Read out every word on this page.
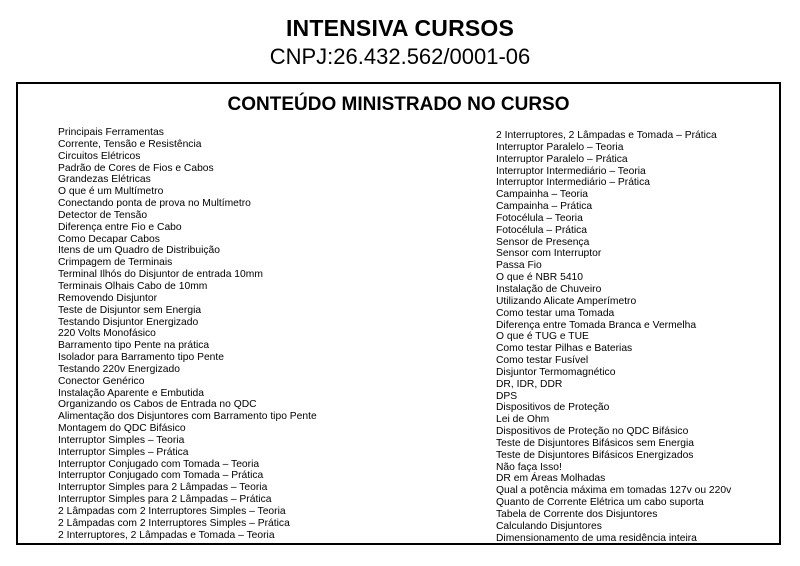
INTENSIVA CURSOS
CNPJ:26.432.562/0001-06
CONTEÚDO MINISTRADO NO CURSO
Principais Ferramentas
Corrente, Tensão e Resistência
Circuitos Elétricos
Padrão de Cores de Fios e Cabos
Grandezas Elétricas
O que é um Multímetro
Conectando ponta de prova no Multímetro
Detector de Tensão
Diferença entre Fio e Cabo
Como Decapar Cabos
Itens de um Quadro de Distribuição
Crimpagem de Terminais
Terminal Ilhós do Disjuntor de entrada 10mm
Terminais Olhais Cabo de 10mm
Removendo Disjuntor
Teste de Disjuntor sem Energia
Testando Disjuntor Energizado
220 Volts Monofásico
Barramento tipo Pente na prática
Isolador para Barramento tipo Pente
Testando 220v Energizado
Conector Genérico
Instalação Aparente e Embutida
Organizando os Cabos de Entrada no QDC
Alimentação dos Disjuntores com Barramento tipo Pente
Montagem do QDC Bifásico
Interruptor Simples – Teoria
Interruptor Simples – Prática
Interruptor Conjugado com Tomada – Teoria
Interruptor Conjugado com Tomada – Prática
Interruptor Simples para 2 Lâmpadas – Teoria
Interruptor Simples para 2 Lâmpadas – Prática
2 Lâmpadas com 2 Interruptores Simples – Teoria
2 Lâmpadas com 2 Interruptores Simples – Prática
2 Interruptores, 2 Lâmpadas e Tomada – Teoria
2 Interruptores, 2 Lâmpadas e Tomada – Prática
Interruptor Paralelo – Teoria
Interruptor Paralelo – Prática
Interruptor Intermediário – Teoria
Interruptor Intermediário – Prática
Campainha – Teoria
Campainha – Prática
Fotocélula – Teoria
Fotocélula – Prática
Sensor de Presença
Sensor com Interruptor
Passa Fio
O que é NBR 5410
Instalação de Chuveiro
Utilizando Alicate Amperímetro
Como testar uma Tomada
Diferença entre Tomada Branca e Vermelha
O que é TUG e TUE
Como testar Pilhas e Baterias
Como testar Fusível
Disjuntor Termomagnético
DR, IDR, DDR
DPS
Dispositivos de Proteção
Lei de Ohm
Dispositivos de Proteção no QDC Bifásico
Teste de Disjuntores Bifásicos sem Energia
Teste de Disjuntores Bifásicos Energizados
Não faça Isso!
DR em Áreas Molhadas
Qual a potência máxima em tomadas 127v ou 220v
Quanto de Corrente Elétrica um cabo suporta
Tabela de Corrente dos Disjuntores
Calculando Disjuntores
Dimensionamento de uma residência inteira
